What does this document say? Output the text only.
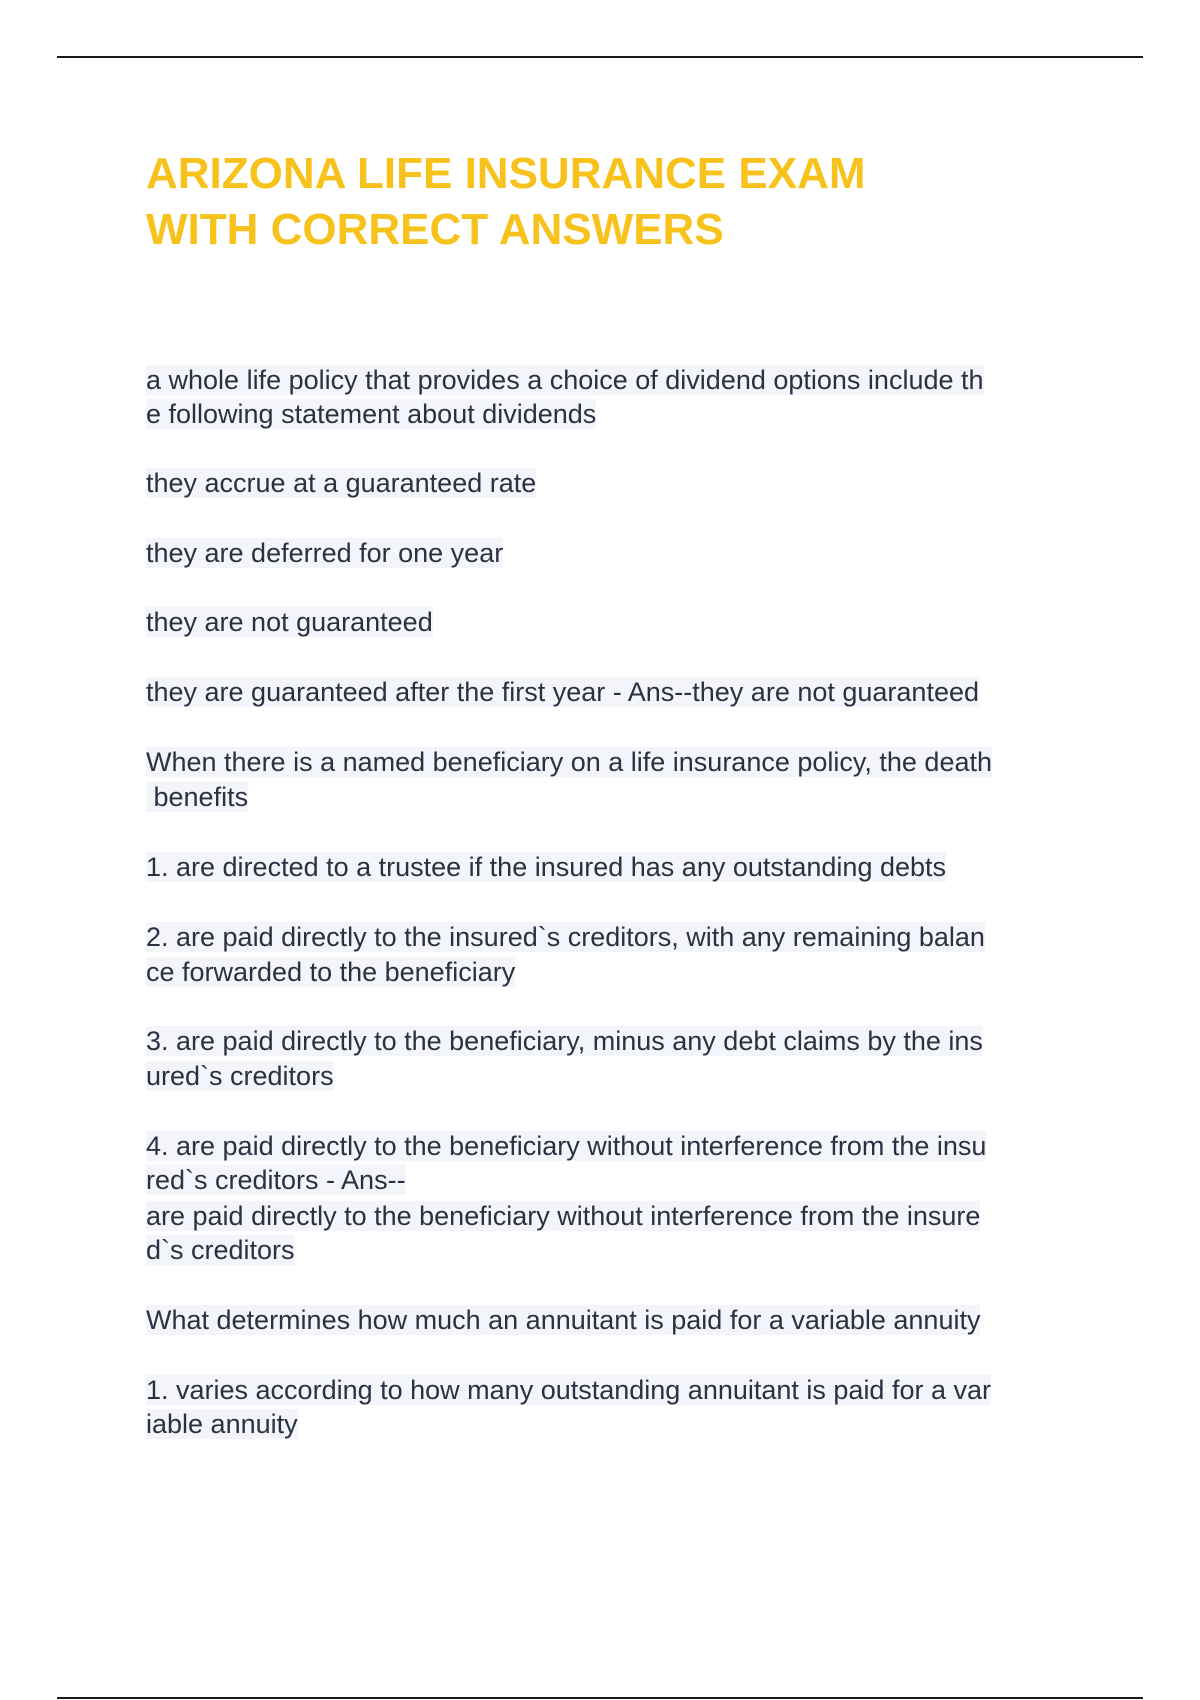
ARIZONA LIFE INSURANCE EXAM
WITH CORRECT ANSWERS

a whole life policy that provides a choice of dividend options include th

e following statement about dividends

they accrue at a guaranteed rate

they are deferred for one year

they are not guaranteed

they are guaranteed after the first year - Ans--they are not guaranteed

When there is a named beneficiary on a life insurance policy, the death

benefits

1. are directed to a trustee if the insured has any outstanding debts

2. are paid directly to the insured`s creditors, with any remaining balan

ce forwarded to the beneficiary

3. are paid directly to the beneficiary, minus any debt claims by the ins

ured`s creditors

4. are paid directly to the beneficiary without interference from the insu

red`s creditors - Ans--

are paid directly to the beneficiary without interference from the insure

d`s creditors

What determines how much an annuitant is paid for a variable annuity

1. varies according to how many outstanding annuitant is paid for a var

iable annuity
